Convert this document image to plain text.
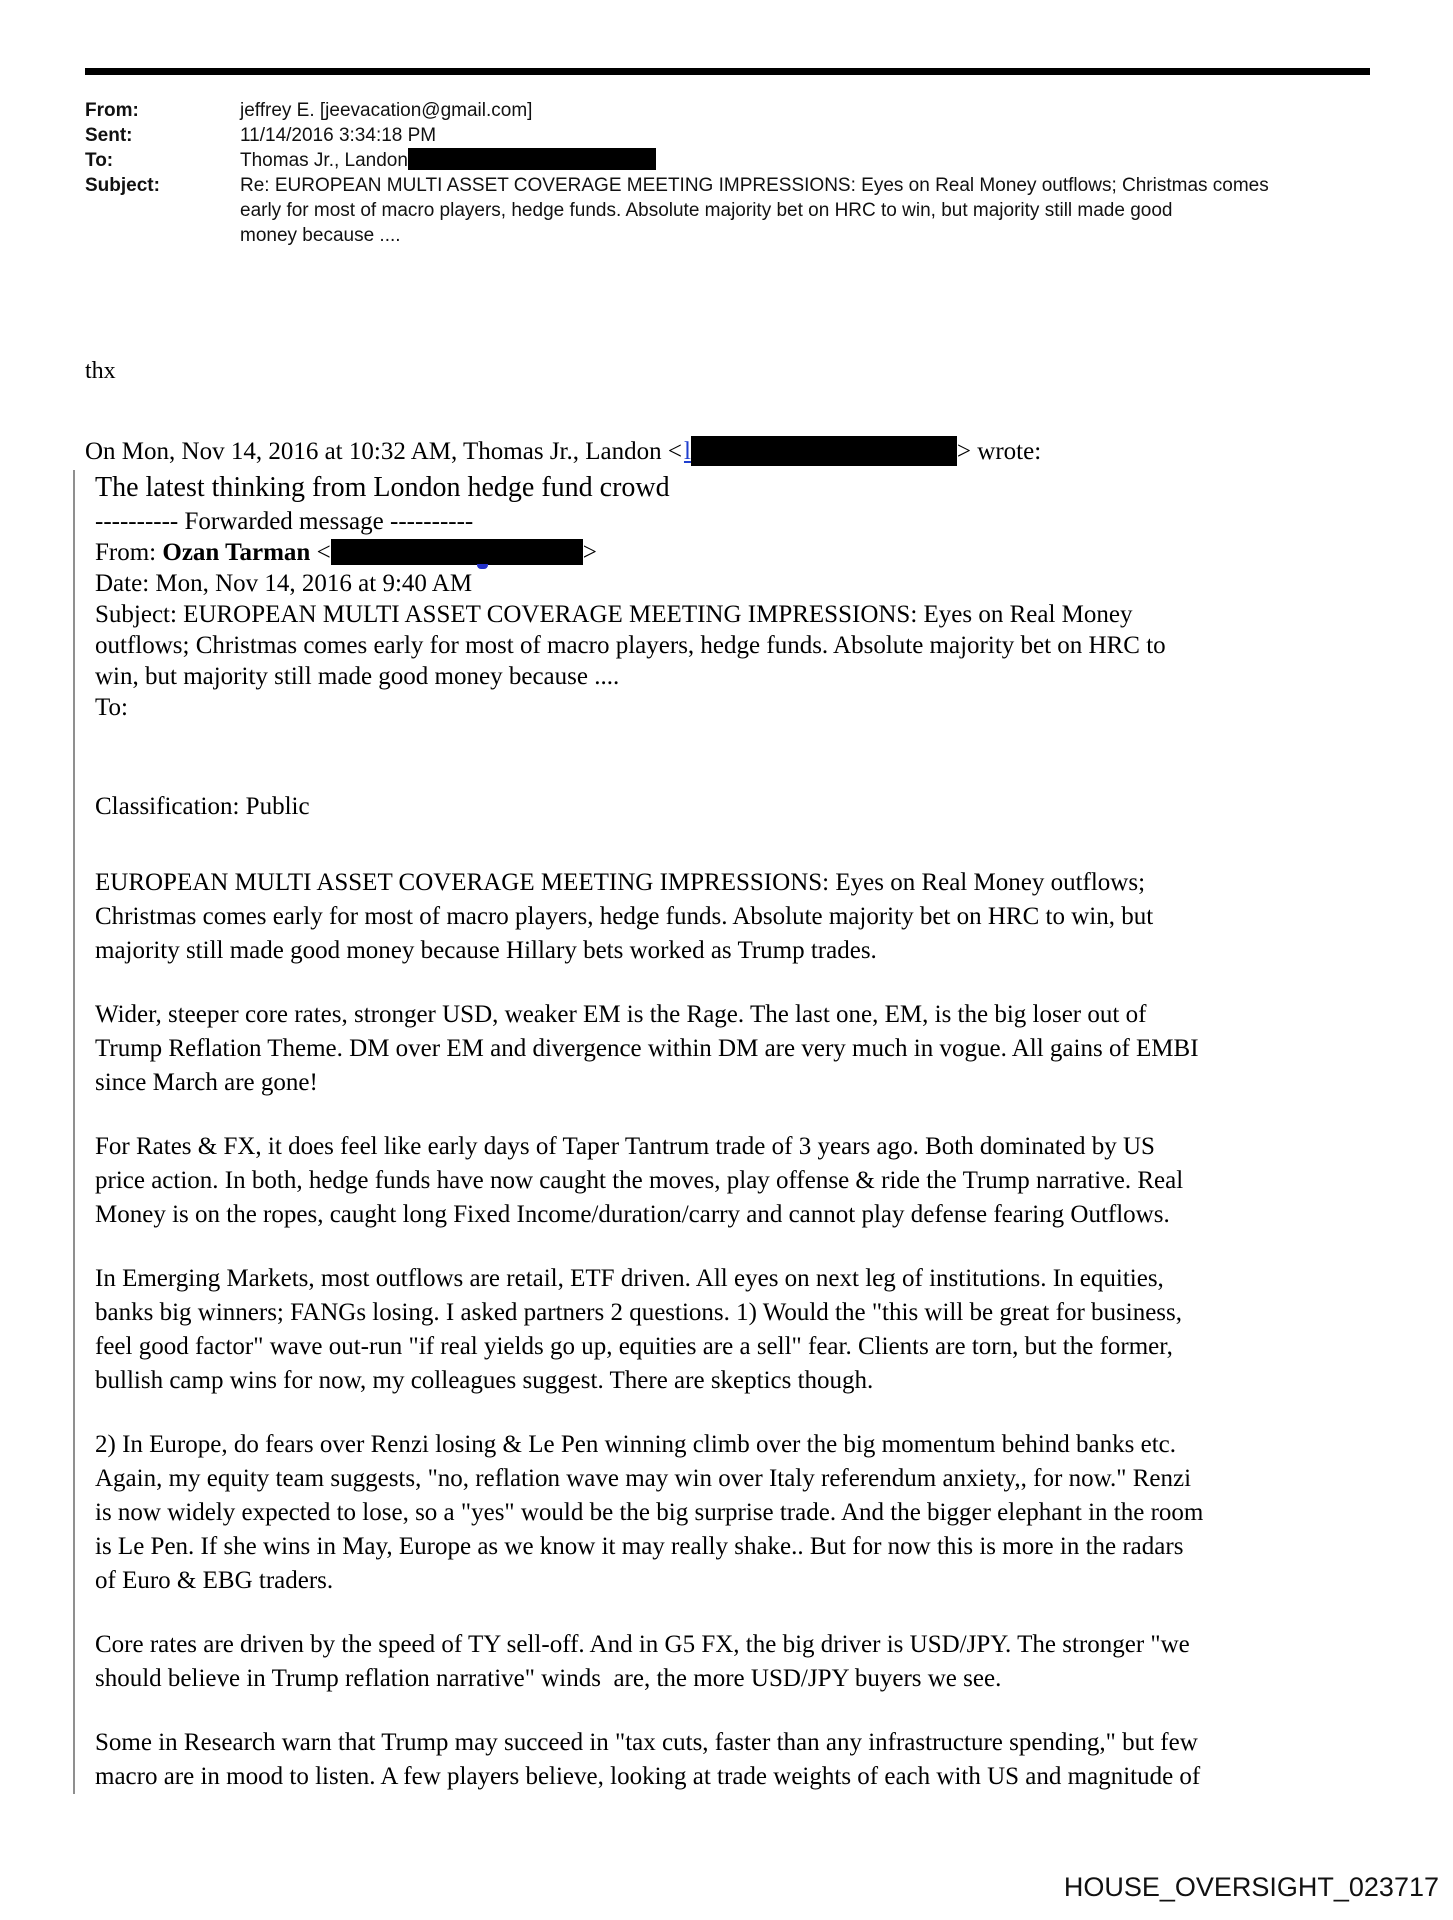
From:	jeffrey E. [jeevacation@gmail.com]
Sent:	11/14/2016 3:34:18 PM
To:	Thomas Jr., Landon
Subject:	Re: EUROPEAN MULTI ASSET COVERAGE MEETING IMPRESSIONS: Eyes on Real Money outflows; Christmas comes
early for most of macro players, hedge funds. Absolute majority bet on HRC to win, but majority still made good
money because ....
thx
On Mon, Nov 14, 2016 at 10:32 AM, Thomas Jr., Landon <l	> wrote:
The latest thinking from London hedge fund crowd
---------- Forwarded message ----------
From: Ozan Tarman <	>
Date: Mon, Nov 14, 2016 at 9:40 AM
Subject: EUROPEAN MULTI ASSET COVERAGE MEETING IMPRESSIONS: Eyes on Real Money
outflows; Christmas comes early for most of macro players, hedge funds. Absolute majority bet on HRC to
win, but majority still made good money because ....
To:
Classification: Public
EUROPEAN MULTI ASSET COVERAGE MEETING IMPRESSIONS: Eyes on Real Money outflows;
Christmas comes early for most of macro players, hedge funds. Absolute majority bet on HRC to win, but
majority still made good money because Hillary bets worked as Trump trades.
Wider, steeper core rates, stronger USD, weaker EM is the Rage. The last one, EM, is the big loser out of
Trump Reflation Theme. DM over EM and divergence within DM are very much in vogue. All gains of EMBI
since March are gone!
For Rates & FX, it does feel like early days of Taper Tantrum trade of 3 years ago. Both dominated by US
price action. In both, hedge funds have now caught the moves, play offense & ride the Trump narrative. Real
Money is on the ropes, caught long Fixed Income/duration/carry and cannot play defense fearing Outflows.
In Emerging Markets, most outflows are retail, ETF driven. All eyes on next leg of institutions. In equities,
banks big winners; FANGs losing. I asked partners 2 questions. 1) Would the "this will be great for business,
feel good factor" wave out-run "if real yields go up, equities are a sell" fear. Clients are torn, but the former,
bullish camp wins for now, my colleagues suggest. There are skeptics though.
2) In Europe, do fears over Renzi losing & Le Pen winning climb over the big momentum behind banks etc.
Again, my equity team suggests, "no, reflation wave may win over Italy referendum anxiety,, for now." Renzi
is now widely expected to lose, so a "yes" would be the big surprise trade. And the bigger elephant in the room
is Le Pen. If she wins in May, Europe as we know it may really shake.. But for now this is more in the radars
of Euro & EBG traders.
Core rates are driven by the speed of TY sell-off. And in G5 FX, the big driver is USD/JPY. The stronger "we
should believe in Trump reflation narrative" winds  are, the more USD/JPY buyers we see.
Some in Research warn that Trump may succeed in "tax cuts, faster than any infrastructure spending," but few
macro are in mood to listen. A few players believe, looking at trade weights of each with US and magnitude of
HOUSE_OVERSIGHT_023717
